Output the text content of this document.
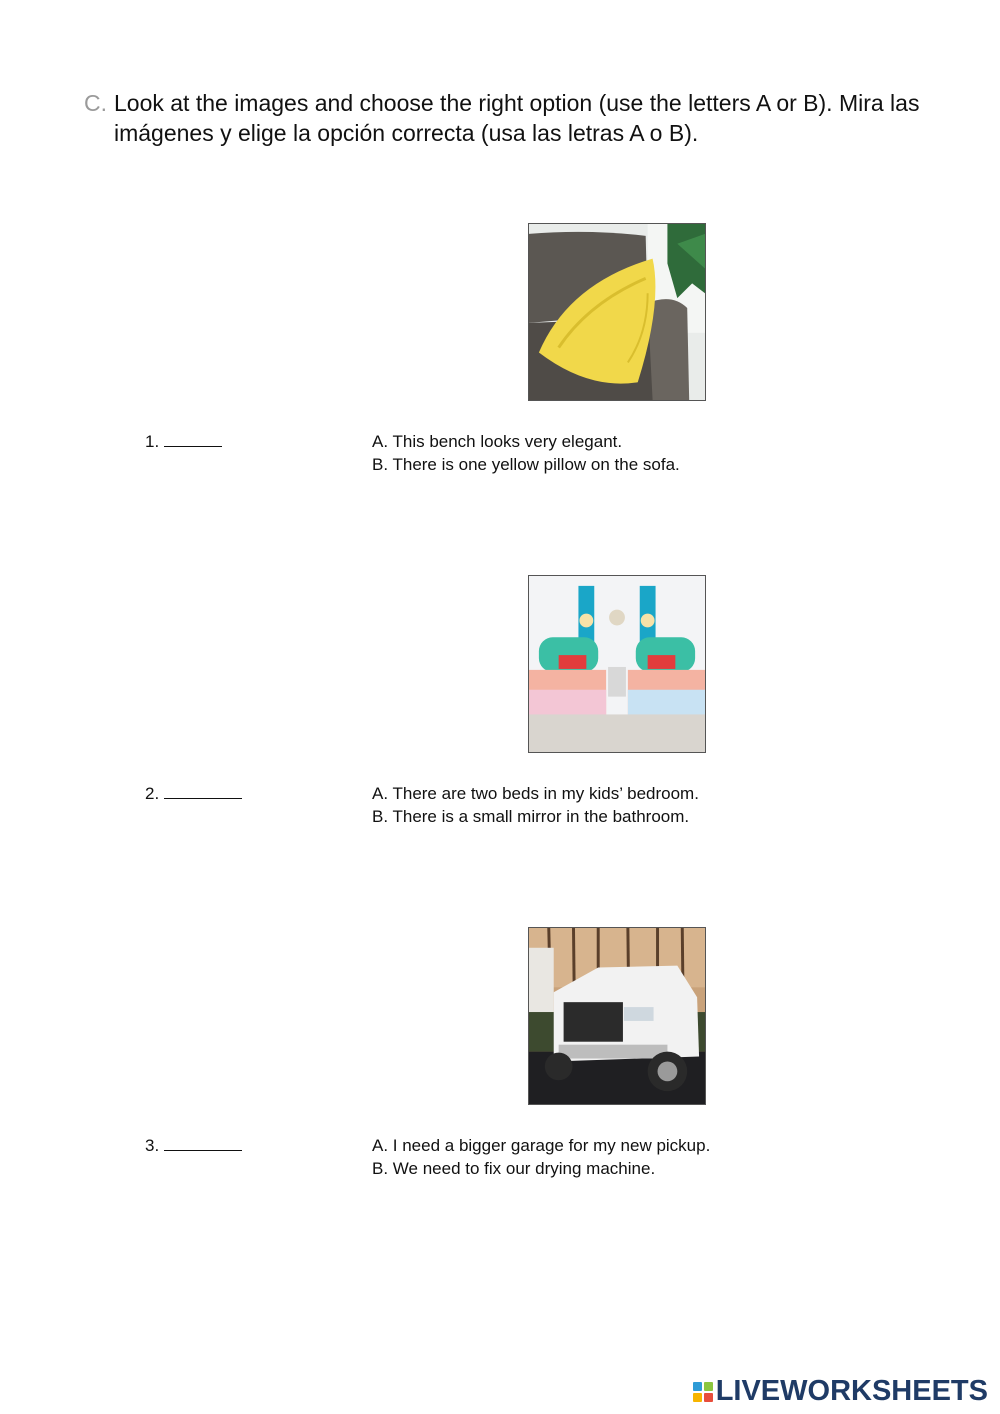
C. Look at the images and choose the right option (use the letters A or B). Mira las imágenes y elige la opción correcta (usa las letras A o B).
1.	A. This bench looks very elegant.
B. There is one yellow pillow on the sofa.
2.	A. There are two beds in my kids’ bedroom.
B. There is a small mirror in the bathroom.
3.	A. I need a bigger garage for my new pickup.
B. We need to fix our drying machine.
LIVEWORKSHEETS
